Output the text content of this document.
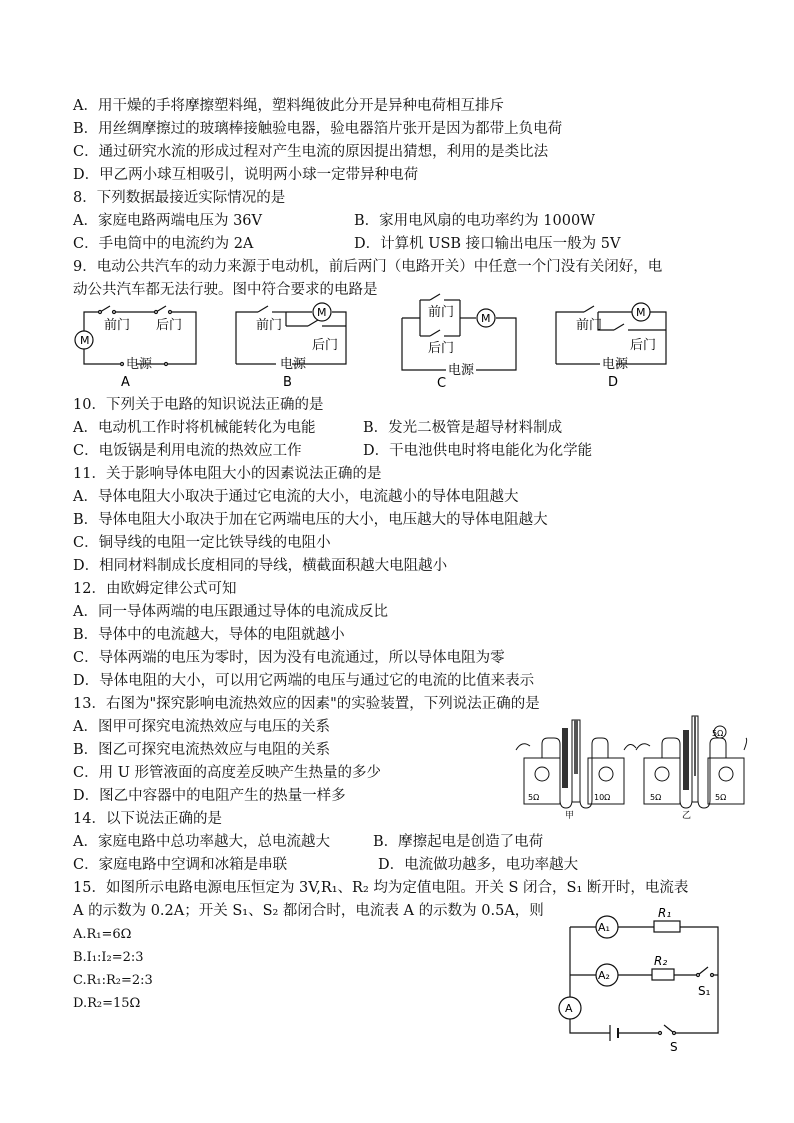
A．用干燥的手将摩擦塑料绳，塑料绳彼此分开是异种电荷相互排斥
B．用丝绸摩擦过的玻璃棒接触验电器，验电器箔片张开是因为都带上负电荷
C．通过研究水流的形成过程对产生电流的原因提出猜想，利用的是类比法
D．甲乙两小球互相吸引，说明两小球一定带异种电荷
8．下列数据最接近实际情况的是
A．家庭电路两端电压为 36V	B．家用电风扇的电功率约为 1000W
C．手电筒中的电流约为 2A	D．计算机 USB 接口输出电压一般为 5V
9．电动公共汽车的动力来源于电动机，前后两门（电路开关）中任意一个门没有关闭好，电
动公共汽车都无法行驶。图中符合要求的电路是
M
前门 后门
电源
A
M
前门
后门
电源
B
M
前门
后门
电源
C
M
前门
后门
电源
D
10．下列关于电路的知识说法正确的是
A．电动机工作时将机械能转化为电能	B．发光二极管是超导材料制成
C．电饭锅是利用电流的热效应工作	D．干电池供电时将电能化为化学能
11．关于影响导体电阻大小的因素说法正确的是
A．导体电阻大小取决于通过它电流的大小，电流越小的导体电阻越大
B．导体电阻大小取决于加在它两端电压的大小，电压越大的导体电阻越大
C．铜导线的电阻一定比铁导线的电阻小
D．相同材料制成长度相同的导线，横截面积越大电阻越小
12．由欧姆定律公式可知
A．同一导体两端的电压跟通过导体的电流成反比
B．导体中的电流越大，导体的电阻就越小
C．导体两端的电压为零时，因为没有电流通过，所以导体电阻为零
D．导体电阻的大小，可以用它两端的电压与通过它的电流的比值来表示
13．右图为"探究影响电流热效应的因素"的实验装置，下列说法正确的是
A．图甲可探究电流热效应与电压的关系
B．图乙可探究电流热效应与电阻的关系
C．用 U 形管液面的高度差反映产生热量的多少
D．图乙中容器中的电阻产生的热量一样多	5Ω	10Ω	5Ω	5Ω
5Ω
甲	乙
14．以下说法正确的是
A．家庭电路中总功率越大，总电流越大	B．摩擦起电是创造了电荷
C．家庭电路中空调和冰箱是串联	D．电流做功越多，电功率越大
15．如图所示电路电源电压恒定为 3V,R₁、R₂ 均为定值电阻。开关 S 闭合，S₁ 断开时，电流表
A 的示数为 0.2A；开关 S₁、S₂ 都闭合时，电流表 A 的示数为 0.5A，则
A.R₁=6Ω
B.I₁:I₂=2:3
C.R₁:R₂=2:3
D.R₂=15Ω
A₁
A₂
A
R₁
R₂
S₁
S
